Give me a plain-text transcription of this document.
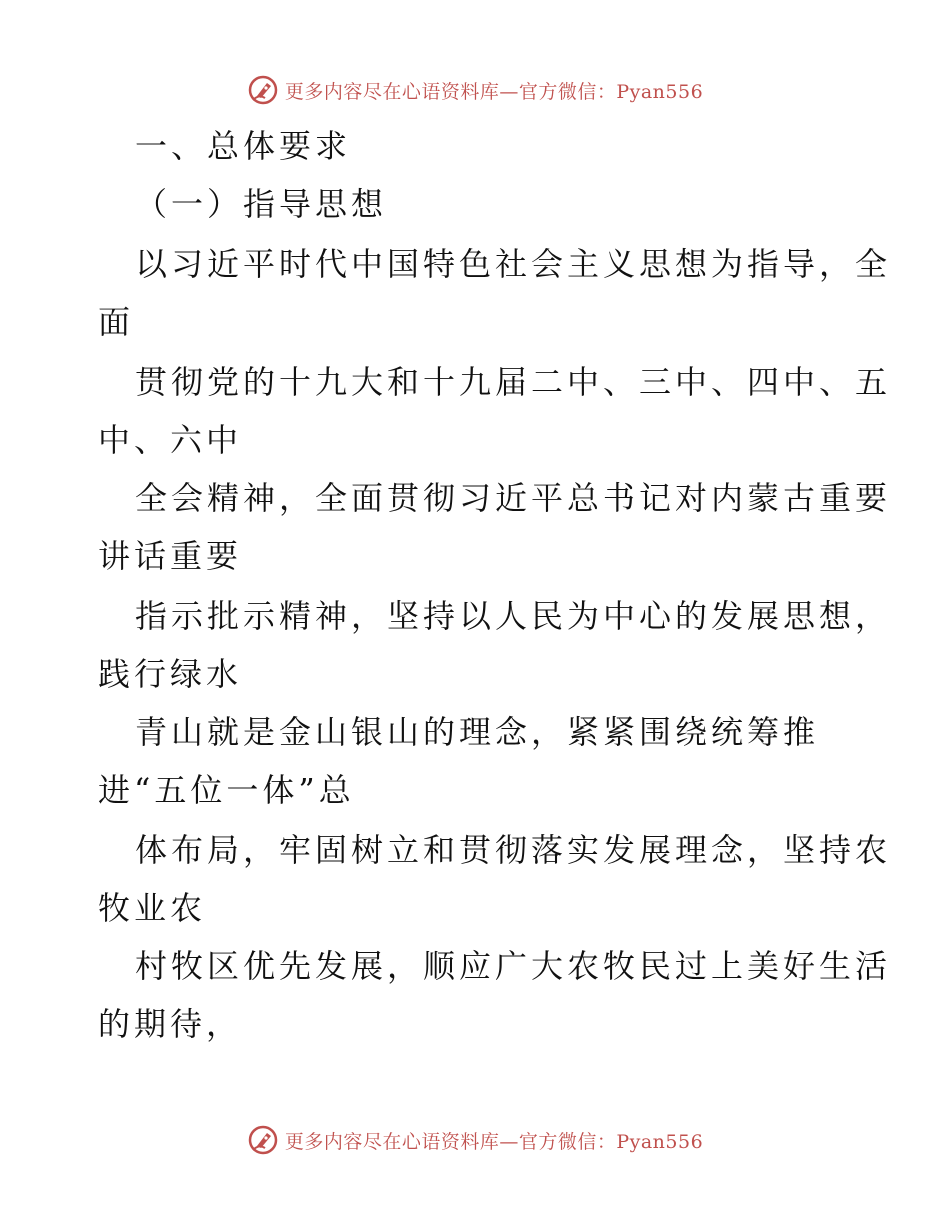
更多内容尽在心语资料库—官方微信：Pyan556
一、总体要求
（一）指导思想
以习近平时代中国特色社会主义思想为指导，全
面
贯彻党的十九大和十九届二中、三中、四中、五
中、六中
全会精神，全面贯彻习近平总书记对内蒙古重要
讲话重要
指示批示精神，坚持以人民为中心的发展思想，
践行绿水
青山就是金山银山的理念，紧紧围绕统筹推
进“五位一体”总
体布局，牢固树立和贯彻落实发展理念，坚持农
牧业农
村牧区优先发展，顺应广大农牧民过上美好生活
的期待，
更多内容尽在心语资料库—官方微信：Pyan556
